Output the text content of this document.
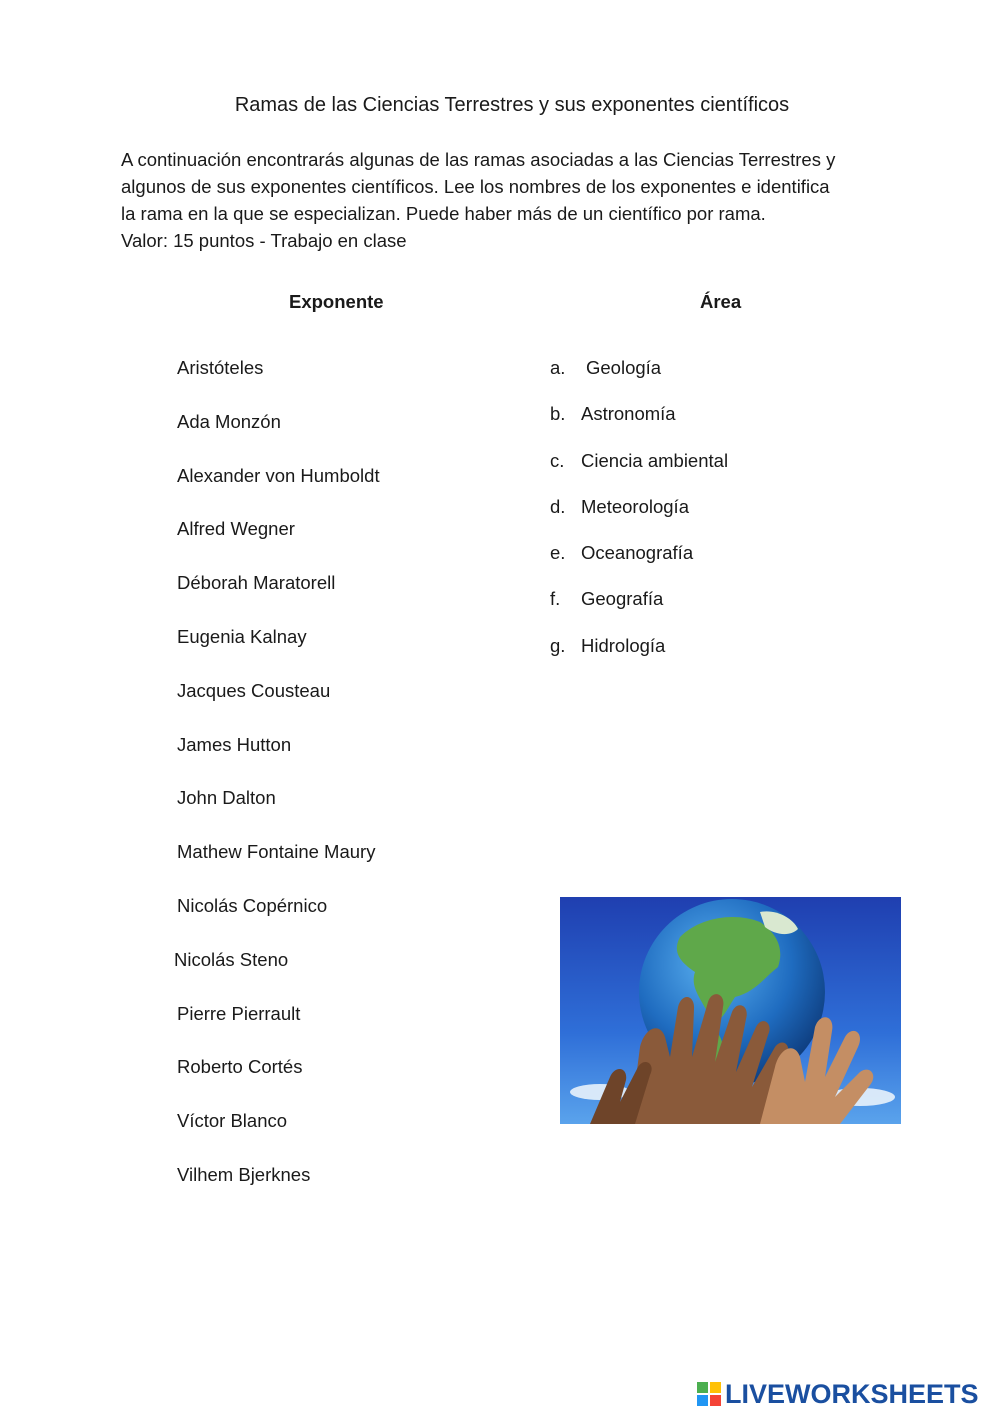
Ramas de las Ciencias Terrestres y sus exponentes científicos

A continuación encontrarás algunas de las ramas asociadas a las Ciencias Terrestres y

algunos de sus exponentes científicos. Lee los nombres de los exponentes e identifica

la rama en la que se especializan. Puede haber más de un científico por rama.

Valor: 15 puntos - Trabajo en clase

Exponente	Área
Aristóteles
Ada Monzón
Alexander von Humboldt
Alfred Wegner
Déborah Maratorell
Eugenia Kalnay
Jacques Cousteau
James Hutton
John Dalton
Mathew Fontaine Maury
Nicolás Copérnico
Nicolás Steno
Pierre Pierrault
Roberto Cortés
Víctor Blanco
Vilhem Bjerknes
a.	Geología
b. Astronomía
c. Ciencia ambiental
d. Meteorología
e. Oceanografía
f.	Geografía
g. Hidrología
LIVEWORKSHEETS
